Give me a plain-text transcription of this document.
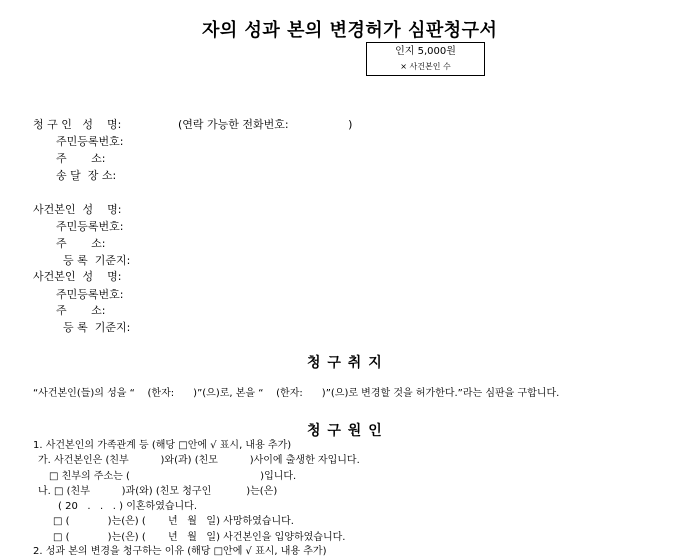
자의 성과 본의 변경허가 심판청구서
인지 5,000원
× 사건본인 수
청 구 인   성    명:	(연락 가능한 전화번호:                 )
주민등록번호:
주       소:
송 달  장 소:
사건본인  성    명:
주민등록번호:
주       소:
등 록  기준지:
사건본인  성    명:
주민등록번호:
주       소:
등 록  기준지:
청 구 취 지
“사건본인(들)의 성을 “    (한자:      )”(으)로, 본을 “    (한자:      )”(으)로 변경할 것을 허가한다.”라는 심판을 구합니다.
청 구 원 인
1. 사건본인의 가족관계 등 (해당 □안에 √ 표시, 내용 추가)
가. 사건본인은 (친부          )와(과) (친모          )사이에 출생한 자입니다.
□ 친부의 주소는 (                                         )입니다.
나. □ (친부          )과(와) (친모 청구인           )는(은)
( 20   .   .   . ) 이혼하였습니다.
□ (            )는(은) (       년   월   일) 사망하였습니다.
□ (            )는(은) (       년   월   일) 사건본인을 입양하였습니다.
2. 성과 본의 변경을 청구하는 이유 (해당 □안에 √ 표시, 내용 추가)
